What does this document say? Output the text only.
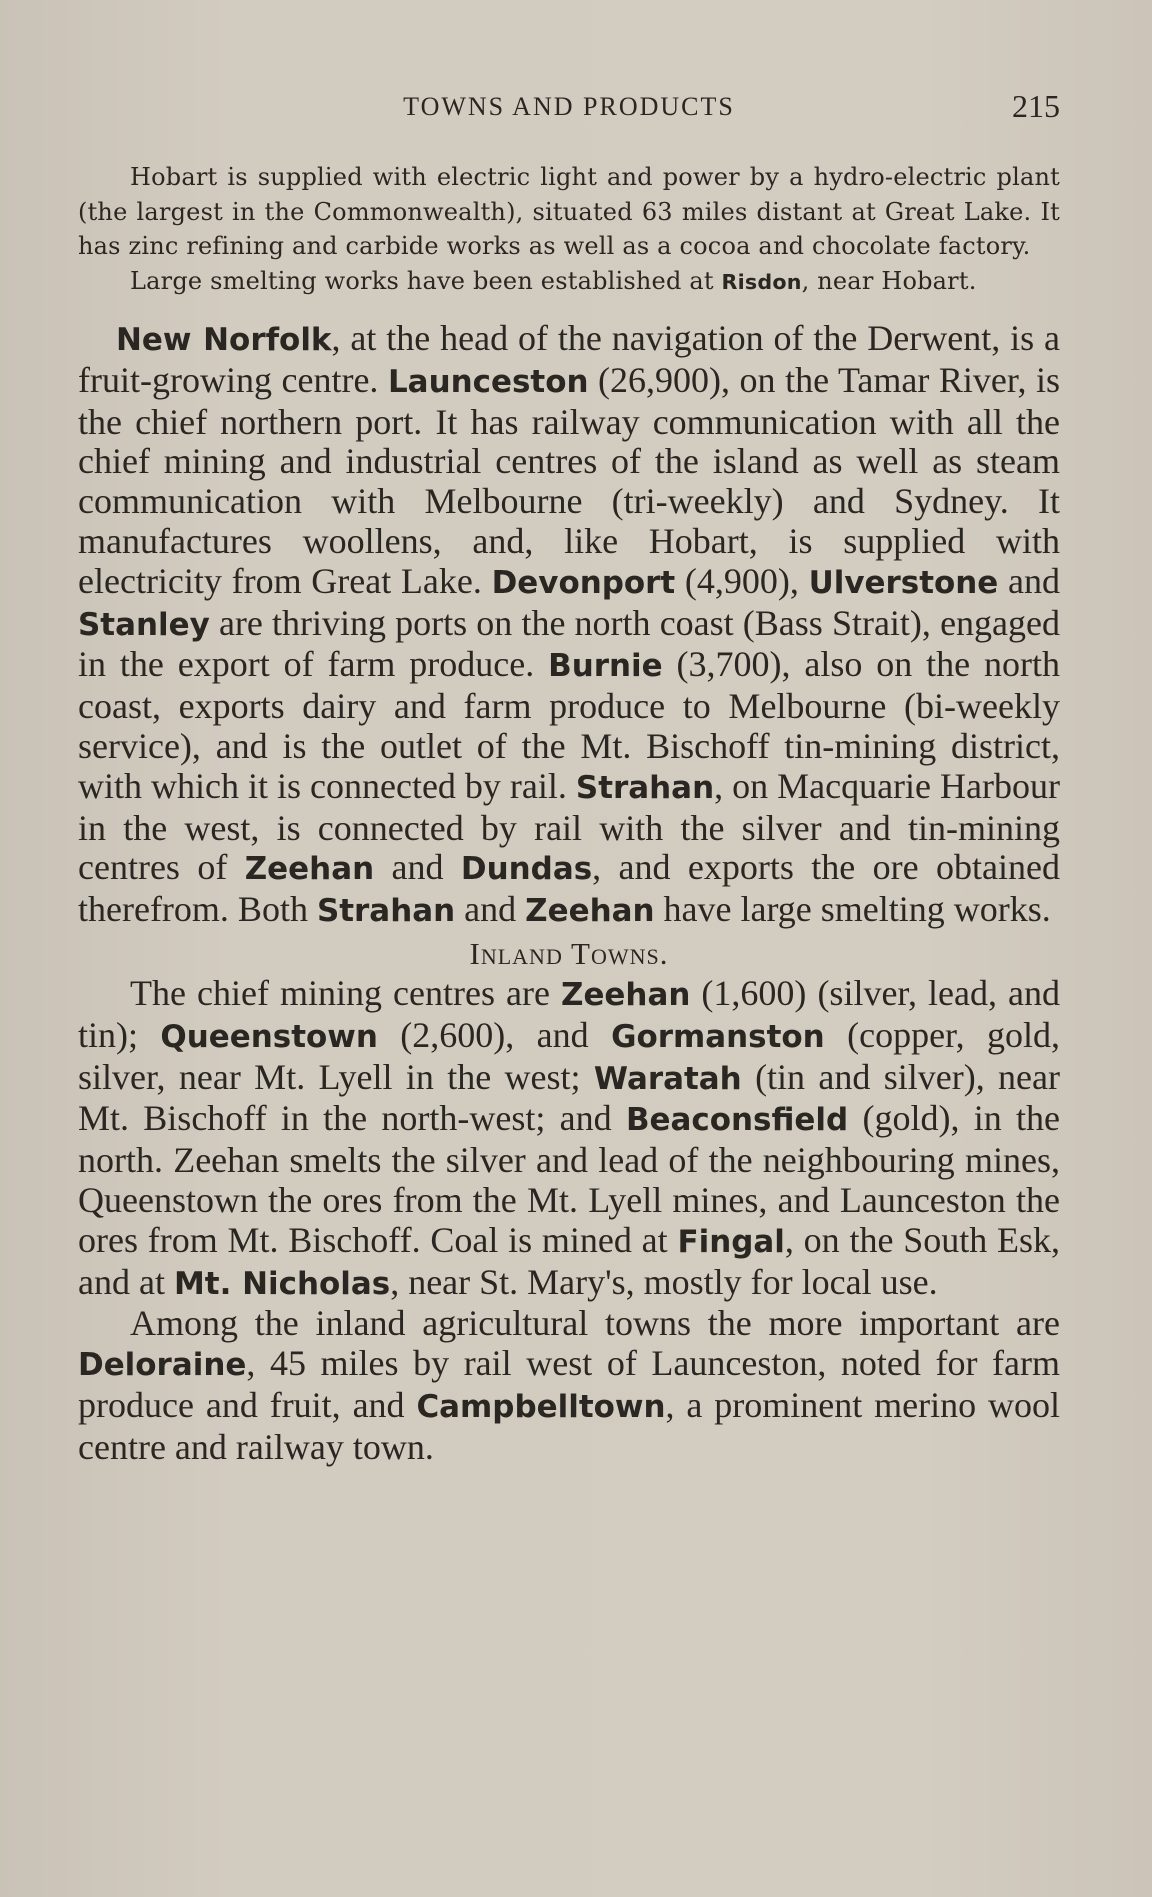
TOWNS AND PRODUCTS	215

Hobart is supplied with electric light and power by a hydro-electric plant (the largest in the Commonwealth), situated 63 miles distant at Great Lake. It has zinc refining and carbide works as well as a cocoa and chocolate factory.

Large smelting works have been established at Risdon, near Hobart.

New Norfolk, at the head of the navigation of the Derwent, is a fruit-growing centre. Launceston (26,900), on the Tamar River, is the chief northern port. It has railway communication with all the chief mining and industrial centres of the island as well as steam communication with Melbourne (tri-weekly) and Sydney. It manufactures woollens, and, like Hobart, is supplied with electricity from Great Lake. Devonport (4,900), Ulverstone and Stanley are thriving ports on the north coast (Bass Strait), engaged in the export of farm produce. Burnie (3,700), also on the north coast, exports dairy and farm produce to Melbourne (bi-weekly service), and is the outlet of the Mt. Bischoff tin-mining district, with which it is connected by rail. Strahan, on Macquarie Harbour in the west, is connected by rail with the silver and tin-mining centres of Zeehan and Dundas, and exports the ore obtained therefrom. Both Strahan and Zeehan have large smelting works.

Inland Towns.

The chief mining centres are Zeehan (1,600) (silver, lead, and tin); Queenstown (2,600), and Gormanston (copper, gold, silver, near Mt. Lyell in the west; Waratah (tin and silver), near Mt. Bischoff in the north-west; and Beaconsfield (gold), in the north. Zeehan smelts the silver and lead of the neighbouring mines, Queenstown the ores from the Mt. Lyell mines, and Launceston the ores from Mt. Bischoff. Coal is mined at Fingal, on the South Esk, and at Mt. Nicholas, near St. Mary's, mostly for local use.

Among the inland agricultural towns the more important are Deloraine, 45 miles by rail west of Launceston, noted for farm produce and fruit, and Campbelltown, a prominent merino wool centre and railway town.
